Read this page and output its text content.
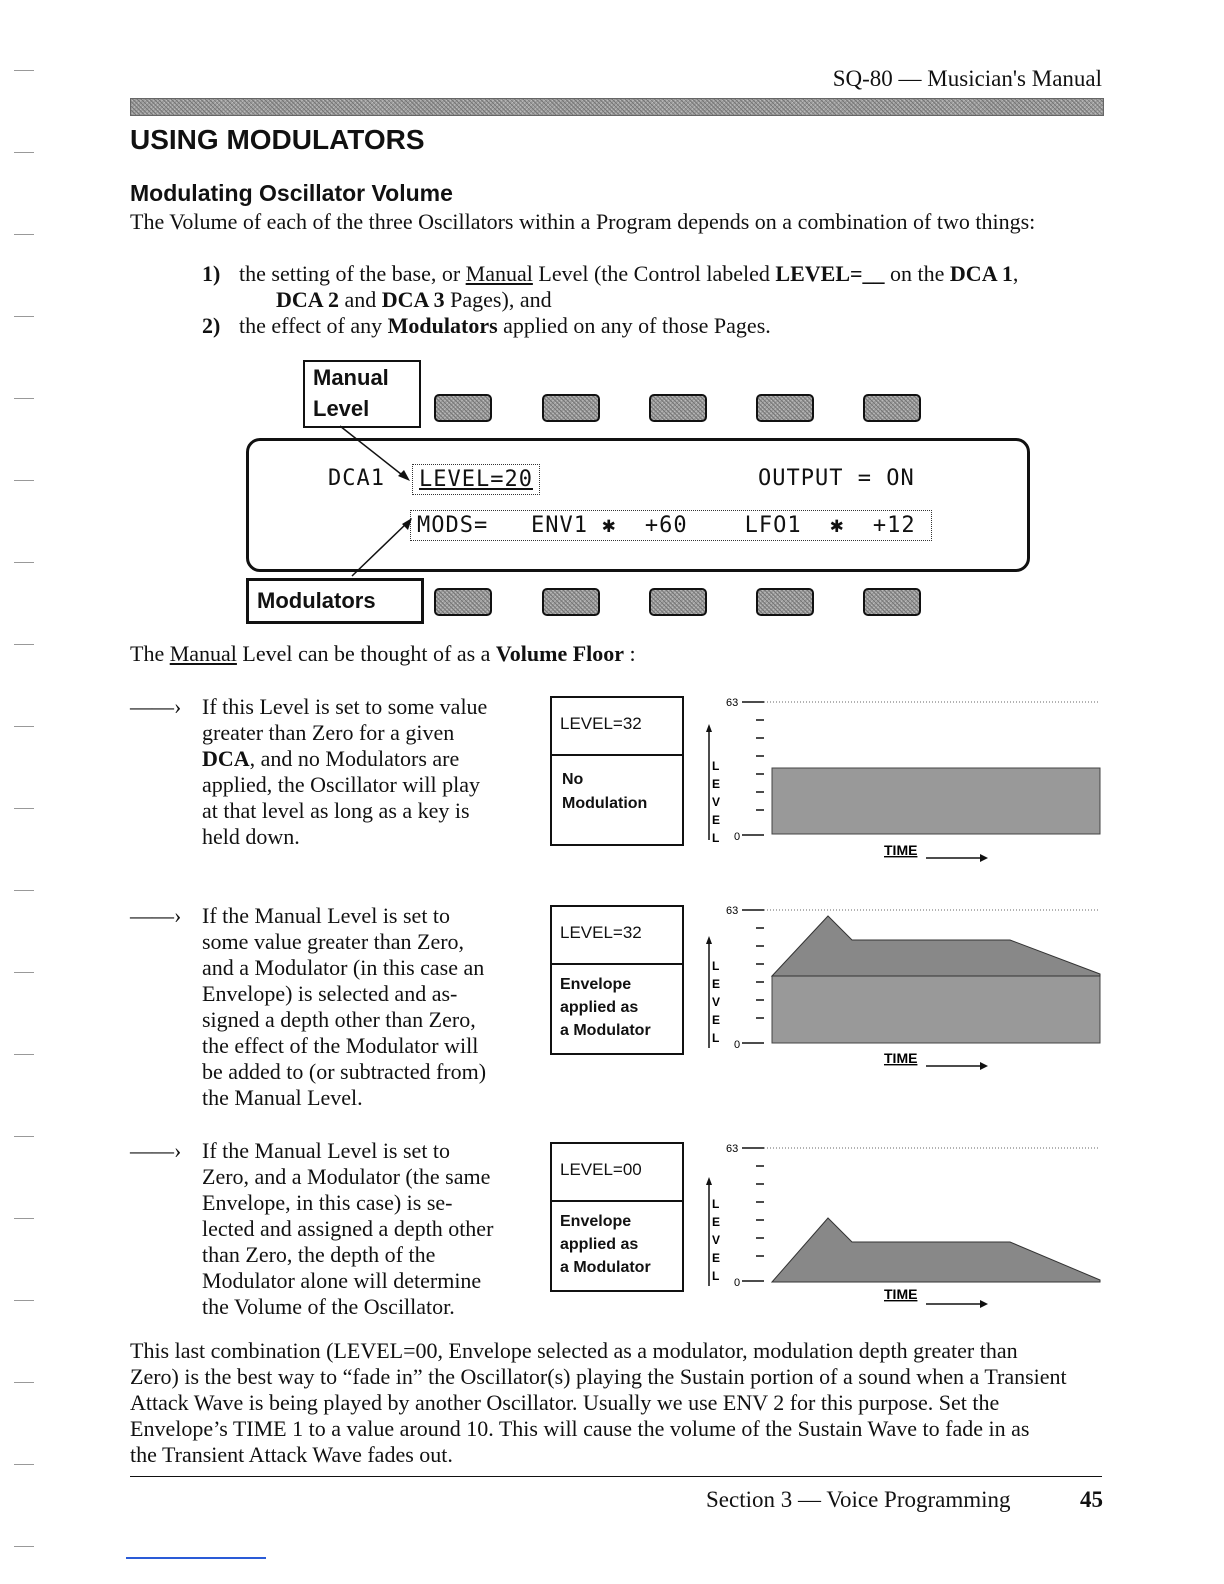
SQ-80 — Musician's Manual
USING MODULATORS
Modulating Oscillator Volume
The Volume of each of the three Oscillators within a Program depends on a combination of two things:
1) the setting of the base, or Manual Level (the Control labeled LEVEL=__ on the DCA 1,
DCA 2 and DCA 3 Pages), and
2) the effect of any Modulators applied on any of those Pages.
Manual
Level
DCA1	LEVEL=20	OUTPUT = ON
MODS=   ENV1 ✱  +60    LFO1  ✱  +12
Modulators
The Manual Level can be thought of as a Volume Floor :
——› If this Level is set to some value
greater than Zero for a given
DCA, and no Modulators are
applied, the Oscillator will play
at that level as long as a key is
held down.
LEVEL=32
No
Modulation
63
0
L E V E L
TIME
——› If the Manual Level is set to
some value greater than Zero,
and a Modulator (in this case an
Envelope) is selected and as-
signed a depth other than Zero,
the effect of the Modulator will
be added to (or subtracted from)
the Manual Level.
LEVEL=32
Envelope
applied as
a Modulator
63
0
L E V E L
TIME
——› If the Manual Level is set to
Zero, and a Modulator (the same
Envelope, in this case) is se-
lected and assigned a depth other
than Zero, the depth of the
Modulator alone will determine
the Volume of the Oscillator.
LEVEL=00
Envelope
applied as
a Modulator
63
0
L E V E L
TIME
This last combination (LEVEL=00, Envelope selected as a modulator, modulation depth greater than
Zero) is the best way to “fade in” the Oscillator(s) playing the Sustain portion of a sound when a Transient
Attack Wave is being played by another Oscillator. Usually we use ENV 2 for this purpose. Set the
Envelope’s TIME 1 to a value around 10. This will cause the volume of the Sustain Wave to fade in as
the Transient Attack Wave fades out.
Section 3 — Voice Programming	45
